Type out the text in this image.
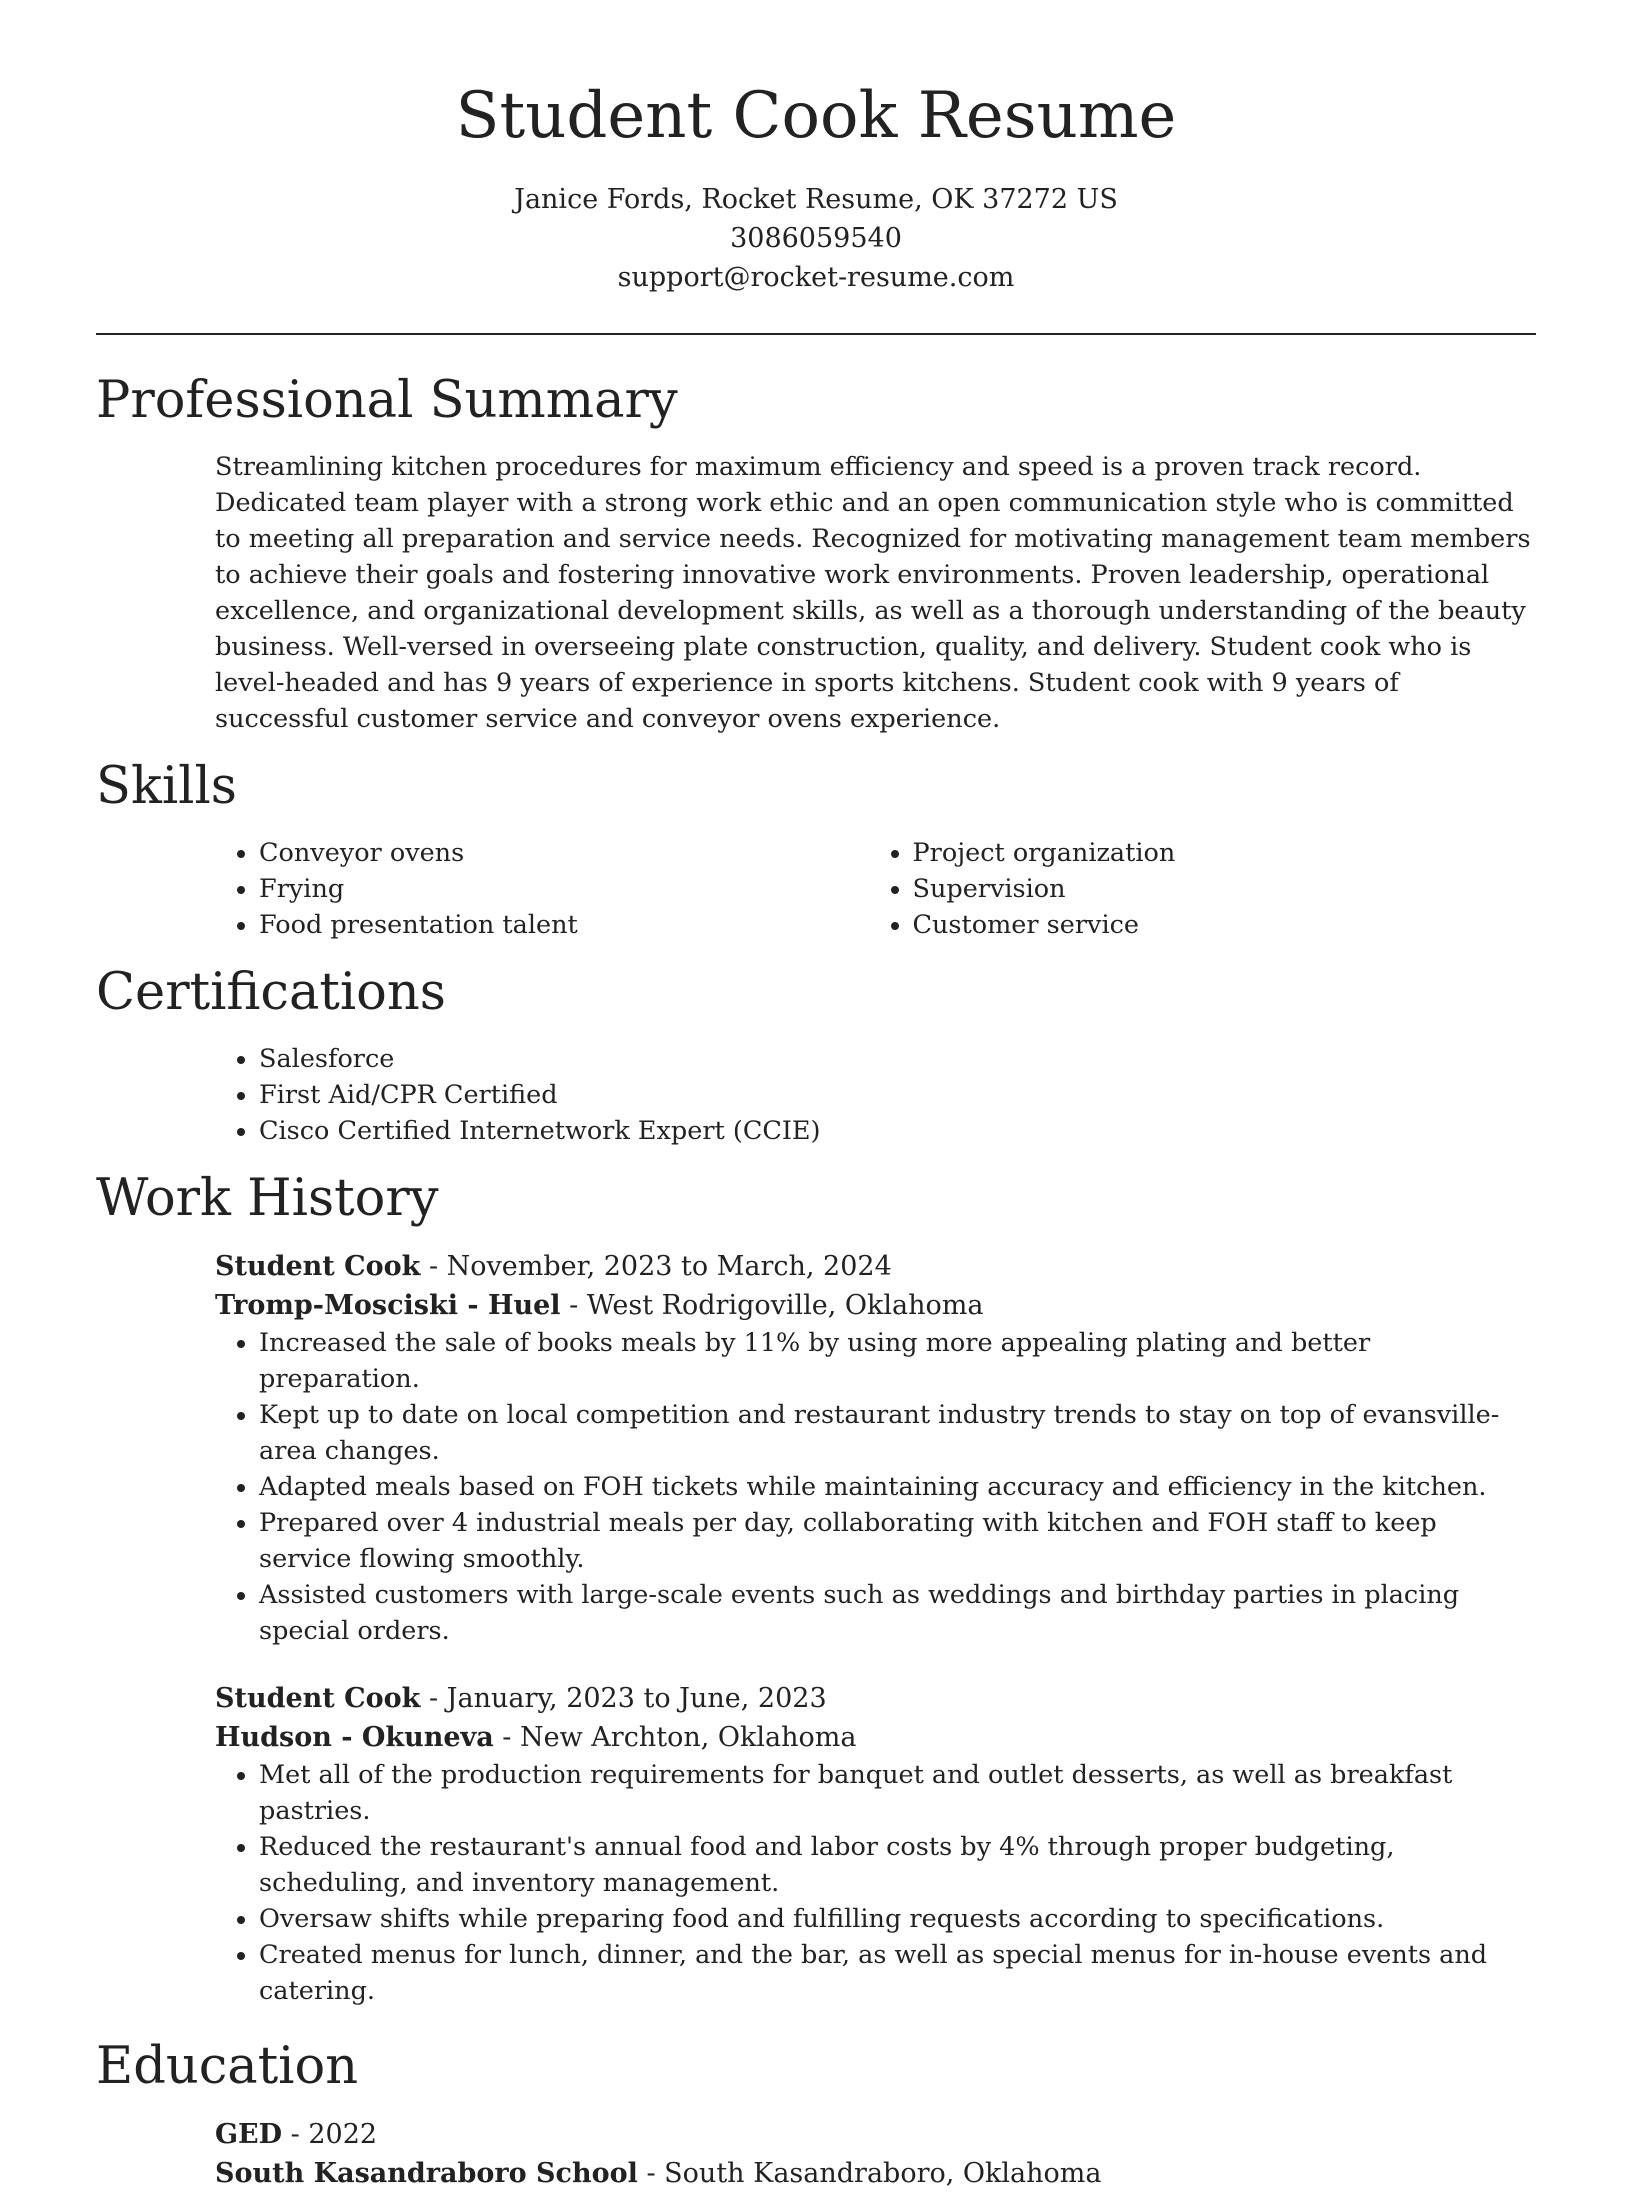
Student Cook Resume

Janice Fords, Rocket Resume, OK 37272 US

3086059540

support@rocket-resume.com

Professional Summary

Streamlining kitchen procedures for maximum efficiency and speed is a proven track record. Dedicated team player with a strong work ethic and an open communication style who is committed to meeting all preparation and service needs. Recognized for motivating management team members to achieve their goals and fostering innovative work environments. Proven leadership, operational excellence, and organizational development skills, as well as a thorough understanding of the beauty business. Well-versed in overseeing plate construction, quality, and delivery. Student cook who is level-headed and has 9 years of experience in sports kitchens. Student cook with 9 years of successful customer service and conveyor ovens experience.

Skills
• Conveyor ovens
• Frying
• Food presentation talent
• Project organization
• Supervision
• Customer service
Certifications
• Salesforce
• First Aid/CPR Certified
• Cisco Certified Internetwork Expert (CCIE)
Work History

Student Cook - November, 2023 to March, 2024

Tromp-Mosciski - Huel - West Rodrigoville, Oklahoma

• Increased the sale of books meals by 11% by using more appealing plating and better preparation.
• Kept up to date on local competition and restaurant industry trends to stay on top of evansville-area changes.
• Adapted meals based on FOH tickets while maintaining accuracy and efficiency in the kitchen.
• Prepared over 4 industrial meals per day, collaborating with kitchen and FOH staff to keep service flowing smoothly.
• Assisted customers with large-scale events such as weddings and birthday parties in placing special orders.

Student Cook - January, 2023 to June, 2023

Hudson - Okuneva - New Archton, Oklahoma

• Met all of the production requirements for banquet and outlet desserts, as well as breakfast pastries.
• Reduced the restaurant's annual food and labor costs by 4% through proper budgeting, scheduling, and inventory management.
• Oversaw shifts while preparing food and fulfilling requests according to specifications.
• Created menus for lunch, dinner, and the bar, as well as special menus for in-house events and catering.
Education

GED - 2022

South Kasandraboro School - South Kasandraboro, Oklahoma
